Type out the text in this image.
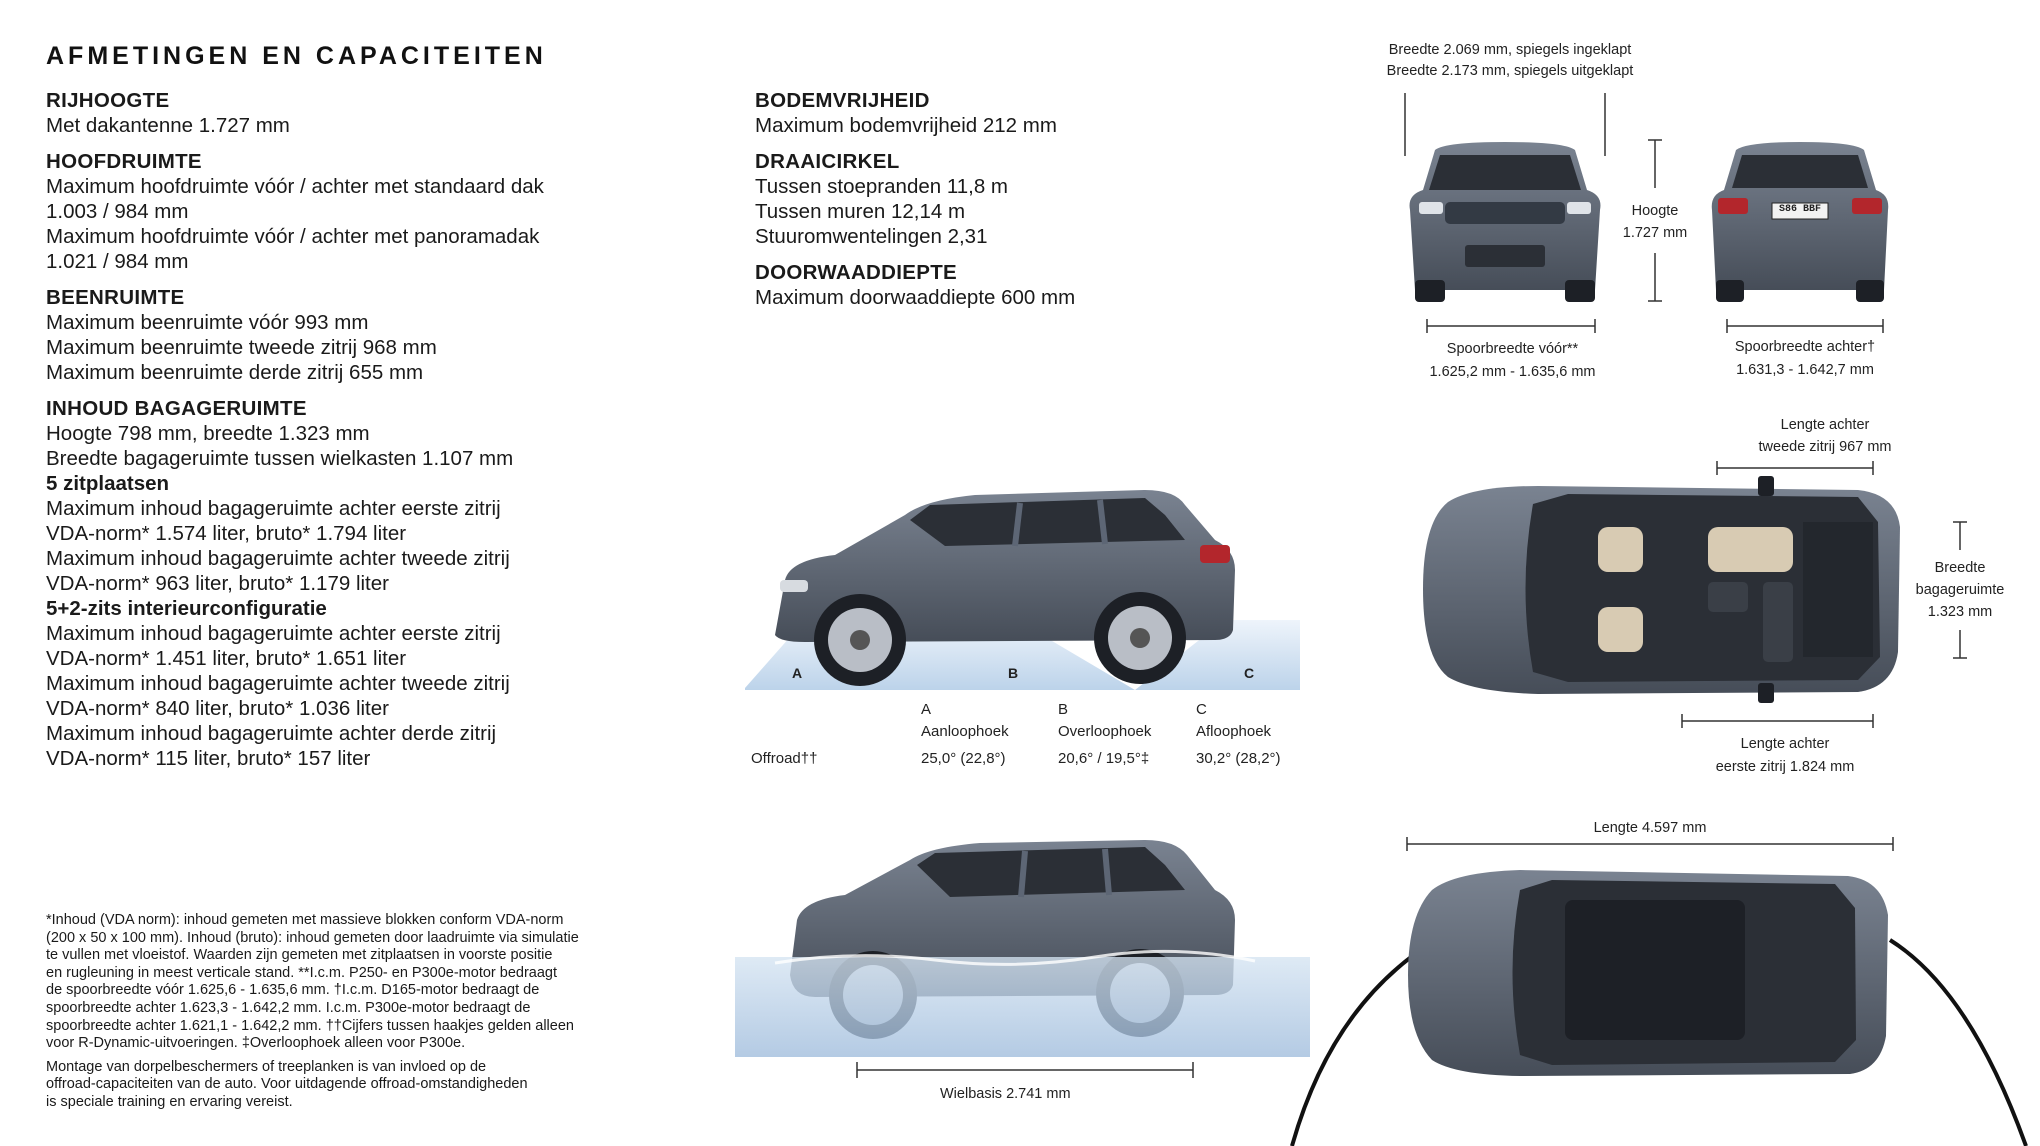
AFMETINGEN EN CAPACITEITEN
RIJHOOGTE
Met dakantenne 1.727 mm
HOOFDRUIMTE
Maximum hoofdruimte vóór / achter met standaard dak
1.003 / 984 mm
Maximum hoofdruimte vóór / achter met panoramadak
1.021 / 984 mm
BEENRUIMTE
Maximum beenruimte vóór 993 mm
Maximum beenruimte tweede zitrij 968 mm
Maximum beenruimte derde zitrij 655 mm
INHOUD BAGAGERUIMTE
Hoogte 798 mm, breedte 1.323 mm
Breedte bagageruimte tussen wielkasten 1.107 mm
5 zitplaatsen
Maximum inhoud bagageruimte achter eerste zitrij
VDA-norm* 1.574 liter, bruto* 1.794 liter
Maximum inhoud bagageruimte achter tweede zitrij
VDA-norm* 963 liter, bruto* 1.179 liter
5+2-zits interieurconfiguratie
Maximum inhoud bagageruimte achter eerste zitrij
VDA-norm* 1.451 liter, bruto* 1.651 liter
Maximum inhoud bagageruimte achter tweede zitrij
VDA-norm* 840 liter, bruto* 1.036 liter
Maximum inhoud bagageruimte achter derde zitrij
VDA-norm* 115 liter, bruto* 157 liter
BODEMVRIJHEID
Maximum bodemvrijheid 212 mm
DRAAICIRKEL
Tussen stoepranden 11,8 m
Tussen muren 12,14 m
Stuuromwentelingen 2,31
DOORWAADDIEPTE
Maximum doorwaaddiepte 600 mm

*Inhoud (VDA norm): inhoud gemeten met massieve blokken conform VDA-norm
(200 x 50 x 100 mm). Inhoud (bruto): inhoud gemeten door laadruimte via simulatie
te vullen met vloeistof. Waarden zijn gemeten met zitplaatsen in voorste positie
en rugleuning in meest verticale stand. **I.c.m. P250- en P300e-motor bedraagt
de spoorbreedte vóór 1.625,6 - 1.635,6 mm. †I.c.m. D165-motor bedraagt de
spoorbreedte achter 1.623,3 - 1.642,2 mm. I.c.m. P300e-motor bedraagt de
spoorbreedte achter 1.621,1 - 1.642,2 mm. ††Cijfers tussen haakjes gelden alleen
voor R-Dynamic-uitvoeringen. ‡Overloophoek alleen voor P300e.

Montage van dorpelbeschermers of treeplanken is van invloed op de
offroad-capaciteiten van de auto. Voor uitdagende offroad-omstandigheden
is speciale training en ervaring vereist.

A	B	C
A
Aanloophoek
25,0° (22,8°)
B
Overloophoek
20,6° / 19,5°‡
C
Afloophoek
30,2° (28,2°)
Offroad††
Wielbasis 2.741 mm
Breedte 2.069 mm, spiegels ingeklapt
Breedte 2.173 mm, spiegels uitgeklapt
S86 BBF
Hoogte
1.727 mm
Spoorbreedte vóór**
1.625,2 mm - 1.635,6 mm
Spoorbreedte achter†
1.631,3 - 1.642,7 mm
Lengte achter
tweede zitrij 967 mm
Breedte
bagageruimte
1.323 mm
Lengte achter
eerste zitrij 1.824 mm
Lengte 4.597 mm
